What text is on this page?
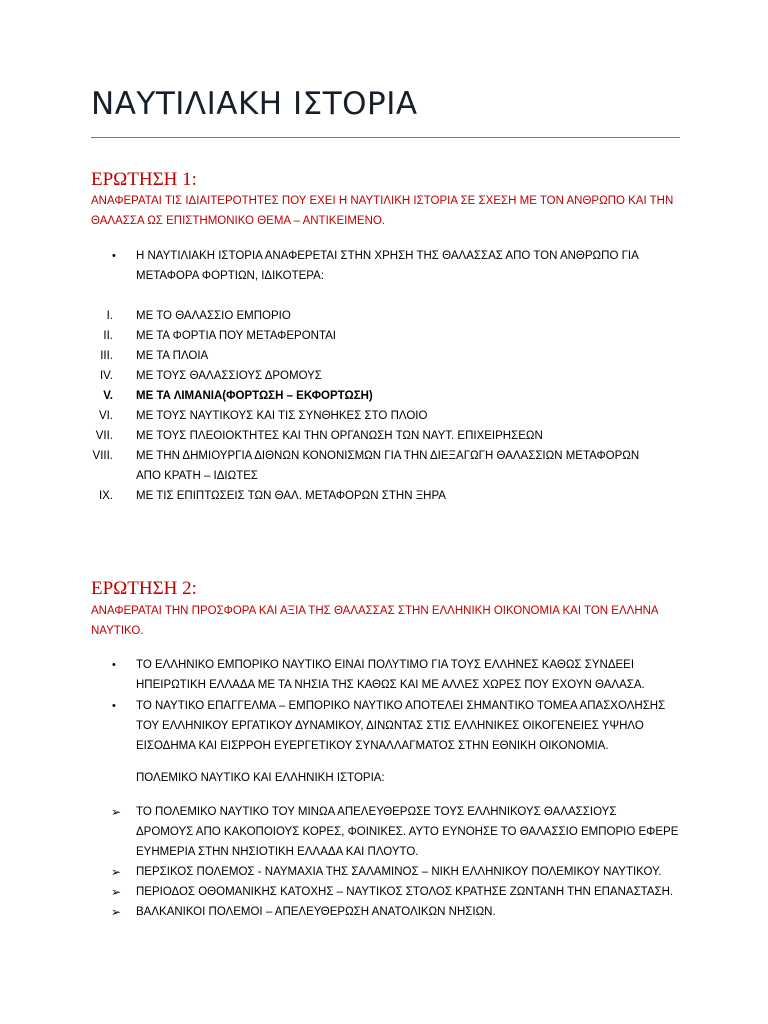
ΝΑΥΤΙΛΙΑΚΗ ΙΣΤΟΡΙΑ
ΕΡΩΤΗΣΗ 1:
ΑΝΑΦΕΡΑΤΑΙ ΤΙΣ ΙΔΙΑΙΤΕΡΟΤΗΤΕΣ ΠΟΥ ΕΧΕΙ Η ΝΑΥΤΙΛΙΚΗ ΙΣΤΟΡΙΑ ΣΕ ΣΧΕΣΗ ΜΕ ΤΟΝ ΑΝΘΡΩΠΟ ΚΑΙ ΤΗΝ
ΘΑΛΑΣΣΑ ΩΣ ΕΠΙΣΤΗΜΟΝΙΚΟ ΘΕΜΑ – ΑΝΤΙΚΕΙΜΕΝΟ.
• Η ΝΑΥΤΙΛΙΑΚΗ ΙΣΤΟΡΙΑ ΑΝΑΦΕΡΕΤΑΙ ΣΤΗΝ ΧΡΗΣΗ ΤΗΣ ΘΑΛΑΣΣΑΣ ΑΠΟ ΤΟΝ ΑΝΘΡΩΠΟ ΓΙΑ
ΜΕΤΑΦΟΡΑ ΦΟΡΤΙΩΝ, ΙΔΙΚΟΤΕΡΑ:
I. ΜΕ ΤΟ ΘΑΛΑΣΣΙΟ ΕΜΠΟΡΙΟ
II. ΜΕ ΤΑ ΦΟΡΤΙΑ ΠΟΥ ΜΕΤΑΦΕΡΟΝΤΑΙ
III. ΜΕ ΤΑ ΠΛΟΙΑ
IV. ΜΕ ΤΟΥΣ ΘΑΛΑΣΣΙΟΥΣ ΔΡΟΜΟΥΣ
V. ΜΕ ΤΑ ΛΙΜΑΝΙΑ(ΦΟΡΤΩΣΗ – ΕΚΦΟΡΤΩΣΗ)
VI. ΜΕ ΤΟΥΣ ΝΑΥΤΙΚΟΥΣ ΚΑΙ ΤΙΣ ΣΥΝΘΗΚΕΣ ΣΤΟ ΠΛΟΙΟ
VII. ΜΕ ΤΟΥΣ ΠΛΕΟΙΟΚΤΗΤΕΣ ΚΑΙ ΤΗΝ ΟΡΓΑΝΩΣΗ ΤΩΝ ΝΑΥΤ. ΕΠΙΧΕΙΡΗΣΕΩΝ
VIII. ΜΕ ΤΗΝ ΔΗΜΙΟΥΡΓΙΑ ΔΙΘΝΩΝ ΚΟΝΟΝΙΣΜΩΝ ΓΙΑ ΤΗΝ ΔΙΕΞΑΓΩΓΗ ΘΑΛΑΣΣΙΩΝ ΜΕΤΑΦΟΡΩΝ
ΑΠΟ ΚΡΑΤΗ – ΙΔΙΩΤΕΣ
IX. ΜΕ ΤΙΣ ΕΠΙΠΤΩΣΕΙΣ ΤΩΝ ΘΑΛ. ΜΕΤΑΦΟΡΩΝ ΣΤΗΝ ΞΗΡΑ
ΕΡΩΤΗΣΗ 2:
ΑΝΑΦΕΡΑΤΑΙ ΤΗΝ ΠΡΟΣΦΟΡΑ ΚΑΙ ΑΞΙΑ ΤΗΣ ΘΑΛΑΣΣΑΣ ΣΤΗΝ ΕΛΛΗΝΙΚΗ ΟΙΚΟΝΟΜΙΑ ΚΑΙ ΤΟΝ ΕΛΛΗΝΑ
ΝΑΥΤΙΚΟ.
• ΤΟ ΕΛΛΗΝΙΚΟ ΕΜΠΟΡΙΚΟ ΝΑΥΤΙΚΟ ΕΙΝΑΙ ΠΟΛΥΤΙΜΟ ΓΙΑ ΤΟΥΣ ΕΛΛΗΝΕΣ ΚΑΘΩΣ ΣΥΝΔΕΕΙ
ΗΠΕΙΡΩΤΙΚΗ ΕΛΛΑΔΑ ΜΕ ΤΑ ΝΗΣΙΑ ΤΗΣ ΚΑΘΩΣ ΚΑΙ ΜΕ ΑΛΛΕΣ ΧΩΡΕΣ ΠΟΥ ΕΧΟΥΝ ΘΑΛΑΣΑ.
• ΤΟ ΝΑΥΤΙΚΟ ΕΠΑΓΓΕΛΜΑ – ΕΜΠΟΡΙΚΟ ΝΑΥΤΙΚΟ ΑΠΟΤΕΛΕΙ ΣΗΜΑΝΤΙΚΟ ΤΟΜΕΑ ΑΠΑΣΧΟΛΗΣΗΣ
ΤΟΥ ΕΛΛΗΝΙΚΟΥ ΕΡΓΑΤΙΚΟΥ ΔΥΝΑΜΙΚΟΥ, ΔΙΝΩΝΤΑΣ ΣΤΙΣ ΕΛΛΗΝΙΚΕΣ ΟΙΚΟΓΕΝΕΙΕΣ ΥΨΗΛΟ
ΕΙΣΟΔΗΜΑ ΚΑΙ ΕΙΣΡΡΟΗ ΕΥΕΡΓΕΤΙΚΟΥ ΣΥΝΑΛΛΑΓΜΑΤΟΣ ΣΤΗΝ ΕΘΝΙΚΗ ΟΙΚΟΝΟΜΙΑ.
ΠΟΛΕΜΙΚΟ ΝΑΥΤΙΚΟ ΚΑΙ ΕΛΛΗΝΙΚΗ ΙΣΤΟΡΙΑ:
➢ ΤΟ ΠΟΛΕΜΙΚΟ ΝΑΥΤΙΚΟ ΤΟΥ ΜΙΝΩΑ ΑΠΕΛΕΥΘΕΡΩΣΕ ΤΟΥΣ ΕΛΛΗΝΙΚΟΥΣ ΘΑΛΑΣΣΙΟΥΣ
ΔΡΟΜΟΥΣ ΑΠΟ ΚΑΚΟΠΟΙΟΥΣ ΚΟΡΕΣ, ΦΟΙΝΙΚΕΣ. ΑΥΤΟ ΕΥΝΟΗΣΕ ΤΟ ΘΑΛΑΣΣΙΟ ΕΜΠΟΡΙΟ ΕΦΕΡΕ
ΕΥΗΜΕΡΙΑ ΣΤΗΝ ΝΗΣΙΟΤΙΚΗ ΕΛΛΑΔΑ ΚΑΙ ΠΛΟΥΤΟ.
➢ ΠΕΡΣΙΚΟΣ ΠΟΛΕΜΟΣ - ΝΑΥΜΑΧΙΑ ΤΗΣ ΣΑΛΑΜΙΝΟΣ – ΝΙΚΗ ΕΛΛΗΝΙΚΟΥ ΠΟΛΕΜΙΚΟΥ ΝΑΥΤΙΚΟΥ.
➢ ΠΕΡΙΟΔΟΣ ΟΘΟΜΑΝΙΚΗΣ ΚΑΤΟΧΗΣ – ΝΑΥΤΙΚΟΣ ΣΤΟΛΟΣ ΚΡΑΤΗΣΕ ΖΩΝΤΑΝΗ ΤΗΝ ΕΠΑΝΑΣΤΑΣΗ.
➢ ΒΑΛΚΑΝΙΚΟΙ ΠΟΛΕΜΟΙ – ΑΠΕΛΕΥΘΕΡΩΣΗ ΑΝΑΤΟΛΙΚΩΝ ΝΗΣΙΩΝ.
